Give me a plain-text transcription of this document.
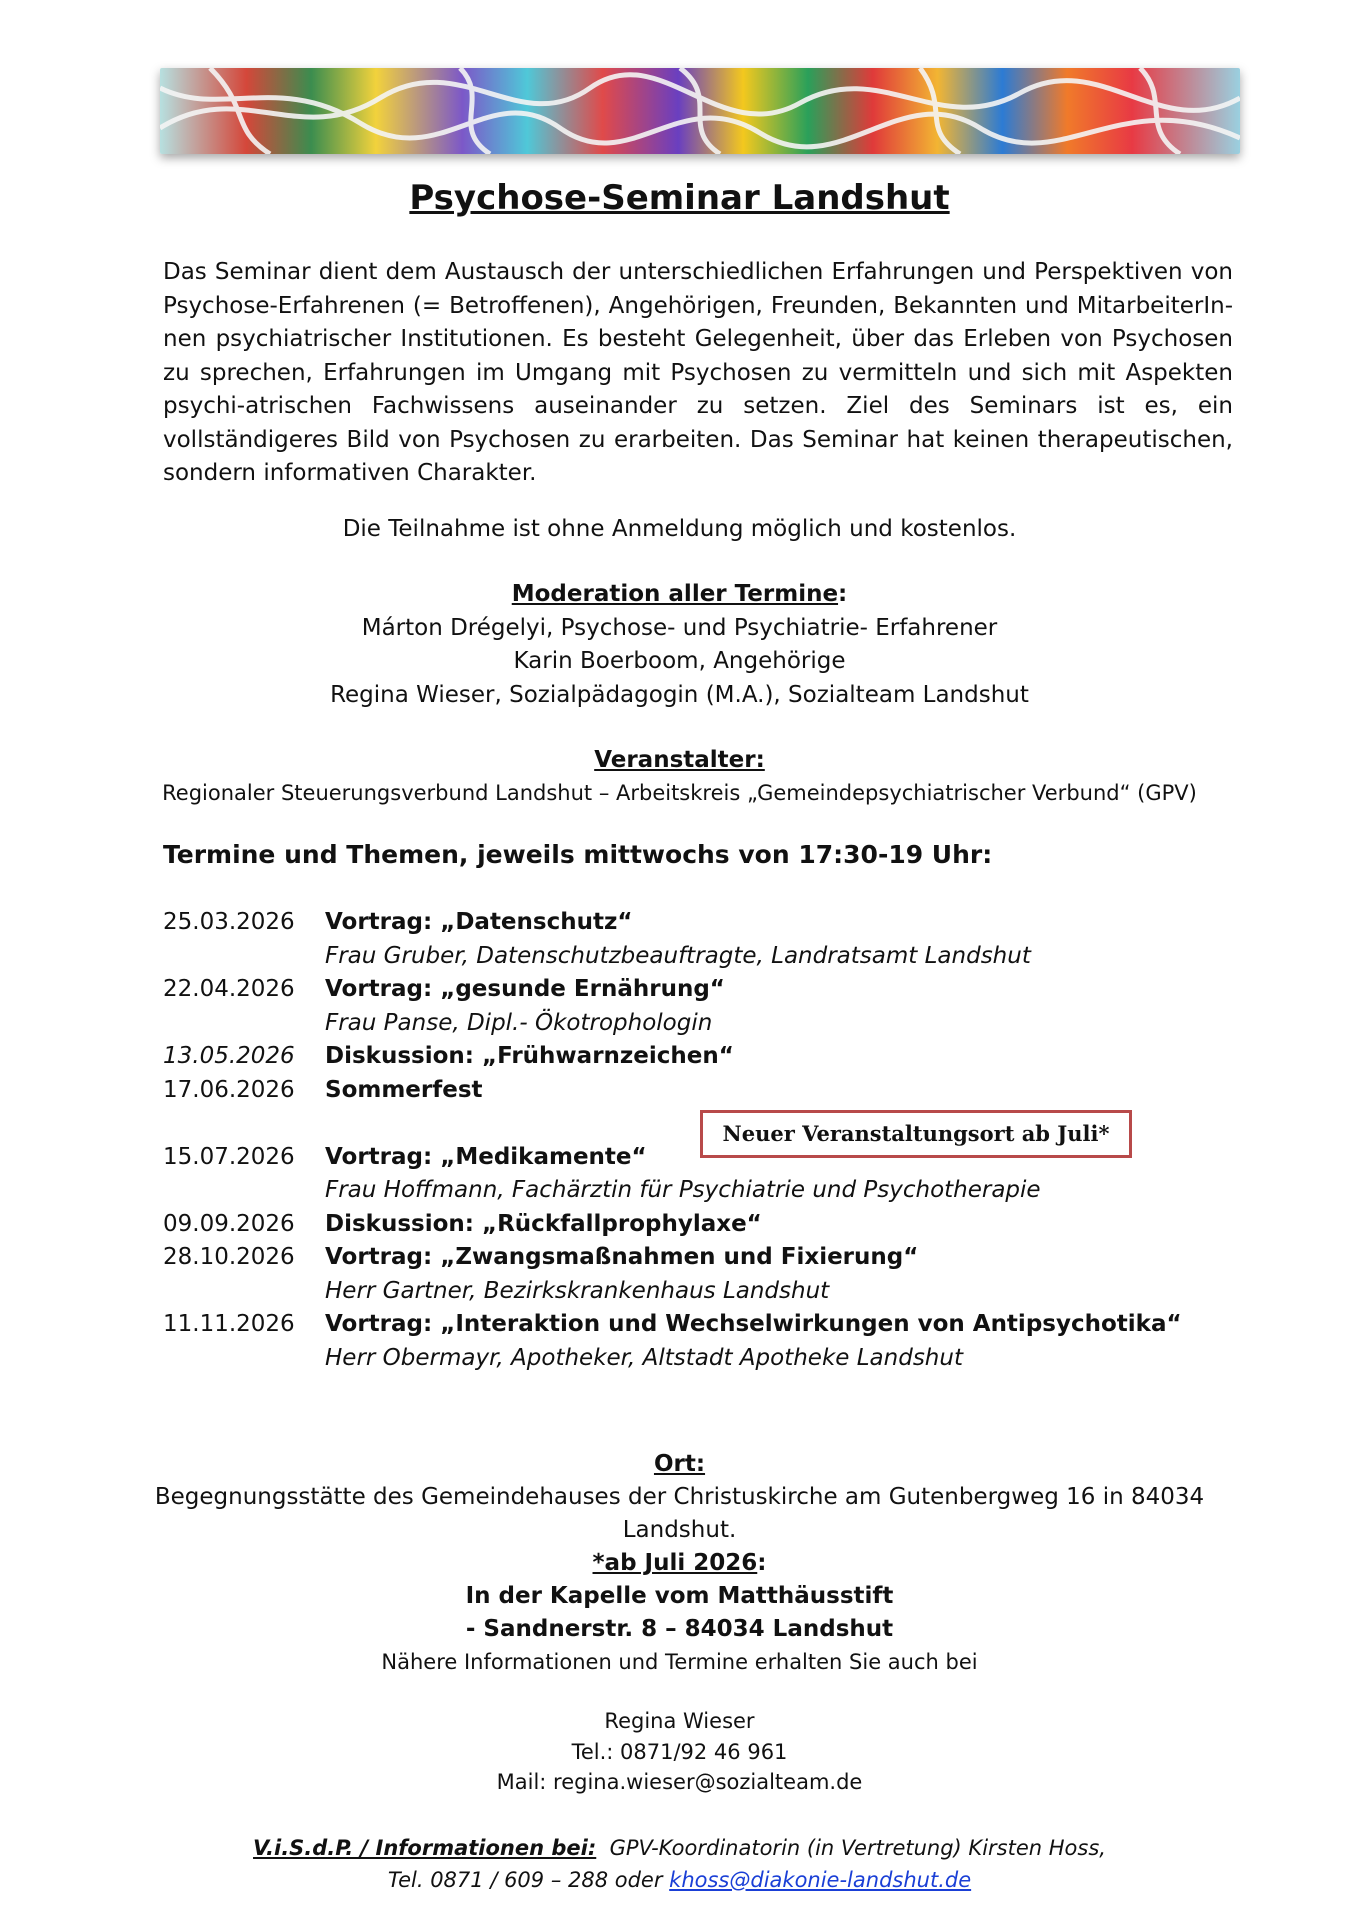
Psychose-Seminar Landshut

Das Seminar dient dem Austausch der unterschiedlichen Erfahrungen und Perspektiven von Psychose-Erfahrenen (= Betroffenen), Angehörigen, Freunden, Bekannten und MitarbeiterIn-nen psychiatrischer Institutionen. Es besteht Gelegenheit, über das Erleben von Psychosen zu sprechen, Erfahrungen im Umgang mit Psychosen zu vermitteln und sich mit Aspekten psychi-atrischen Fachwissens auseinander zu setzen. Ziel des Seminars ist es, ein vollständigeres Bild von Psychosen zu erarbeiten. Das Seminar hat keinen therapeutischen, sondern informativen Charakter.

Die Teilnahme ist ohne Anmeldung möglich und kostenlos.
Moderation aller Termine:
Márton Drégelyi, Psychose- und Psychiatrie- Erfahrener
Karin Boerboom, Angehörige
Regina Wieser, Sozialpädagogin (M.A.), Sozialteam Landshut
Veranstalter:
Regionaler Steuerungsverbund Landshut – Arbeitskreis „Gemeindepsychiatrischer Verbund“ (GPV)
Termine und Themen, jeweils mittwochs von 17:30-19 Uhr:
25.03.2026	Vortrag: „Datenschutz“
Frau Gruber, Datenschutzbeauftragte, Landratsamt Landshut
22.04.2026	Vortrag: „gesunde Ernährung“
Frau Panse, Dipl.- Ökotrophologin
13.05.2026	Diskussion: „Frühwarnzeichen“
17.06.2026	Sommerfest
15.07.2026	Vortrag: „Medikamente“
Frau Hoffmann, Fachärztin für Psychiatrie und Psychotherapie
09.09.2026	Diskussion: „Rückfallprophylaxe“
28.10.2026	Vortrag: „Zwangsmaßnahmen und Fixierung“
Herr Gartner, Bezirkskrankenhaus Landshut
11.11.2026	Vortrag: „Interaktion und Wechselwirkungen von Antipsychotika“
Herr Obermayr, Apotheker, Altstadt Apotheke Landshut
Neuer Veranstaltungsort ab Juli*
Ort:
Begegnungsstätte des Gemeindehauses der Christuskirche am Gutenbergweg 16 in 84034
Landshut.
*ab Juli 2026:
In der Kapelle vom Matthäusstift
- Sandnerstr. 8 – 84034 Landshut
Nähere Informationen und Termine erhalten Sie auch bei
Regina Wieser
Tel.: 0871/92 46 961
Mail: regina.wieser@sozialteam.de
V.i.S.d.P. / Informationen bei:  GPV-Koordinatorin (in Vertretung) Kirsten Hoss,
Tel. 0871 / 609 – 288 oder khoss@diakonie-landshut.de
